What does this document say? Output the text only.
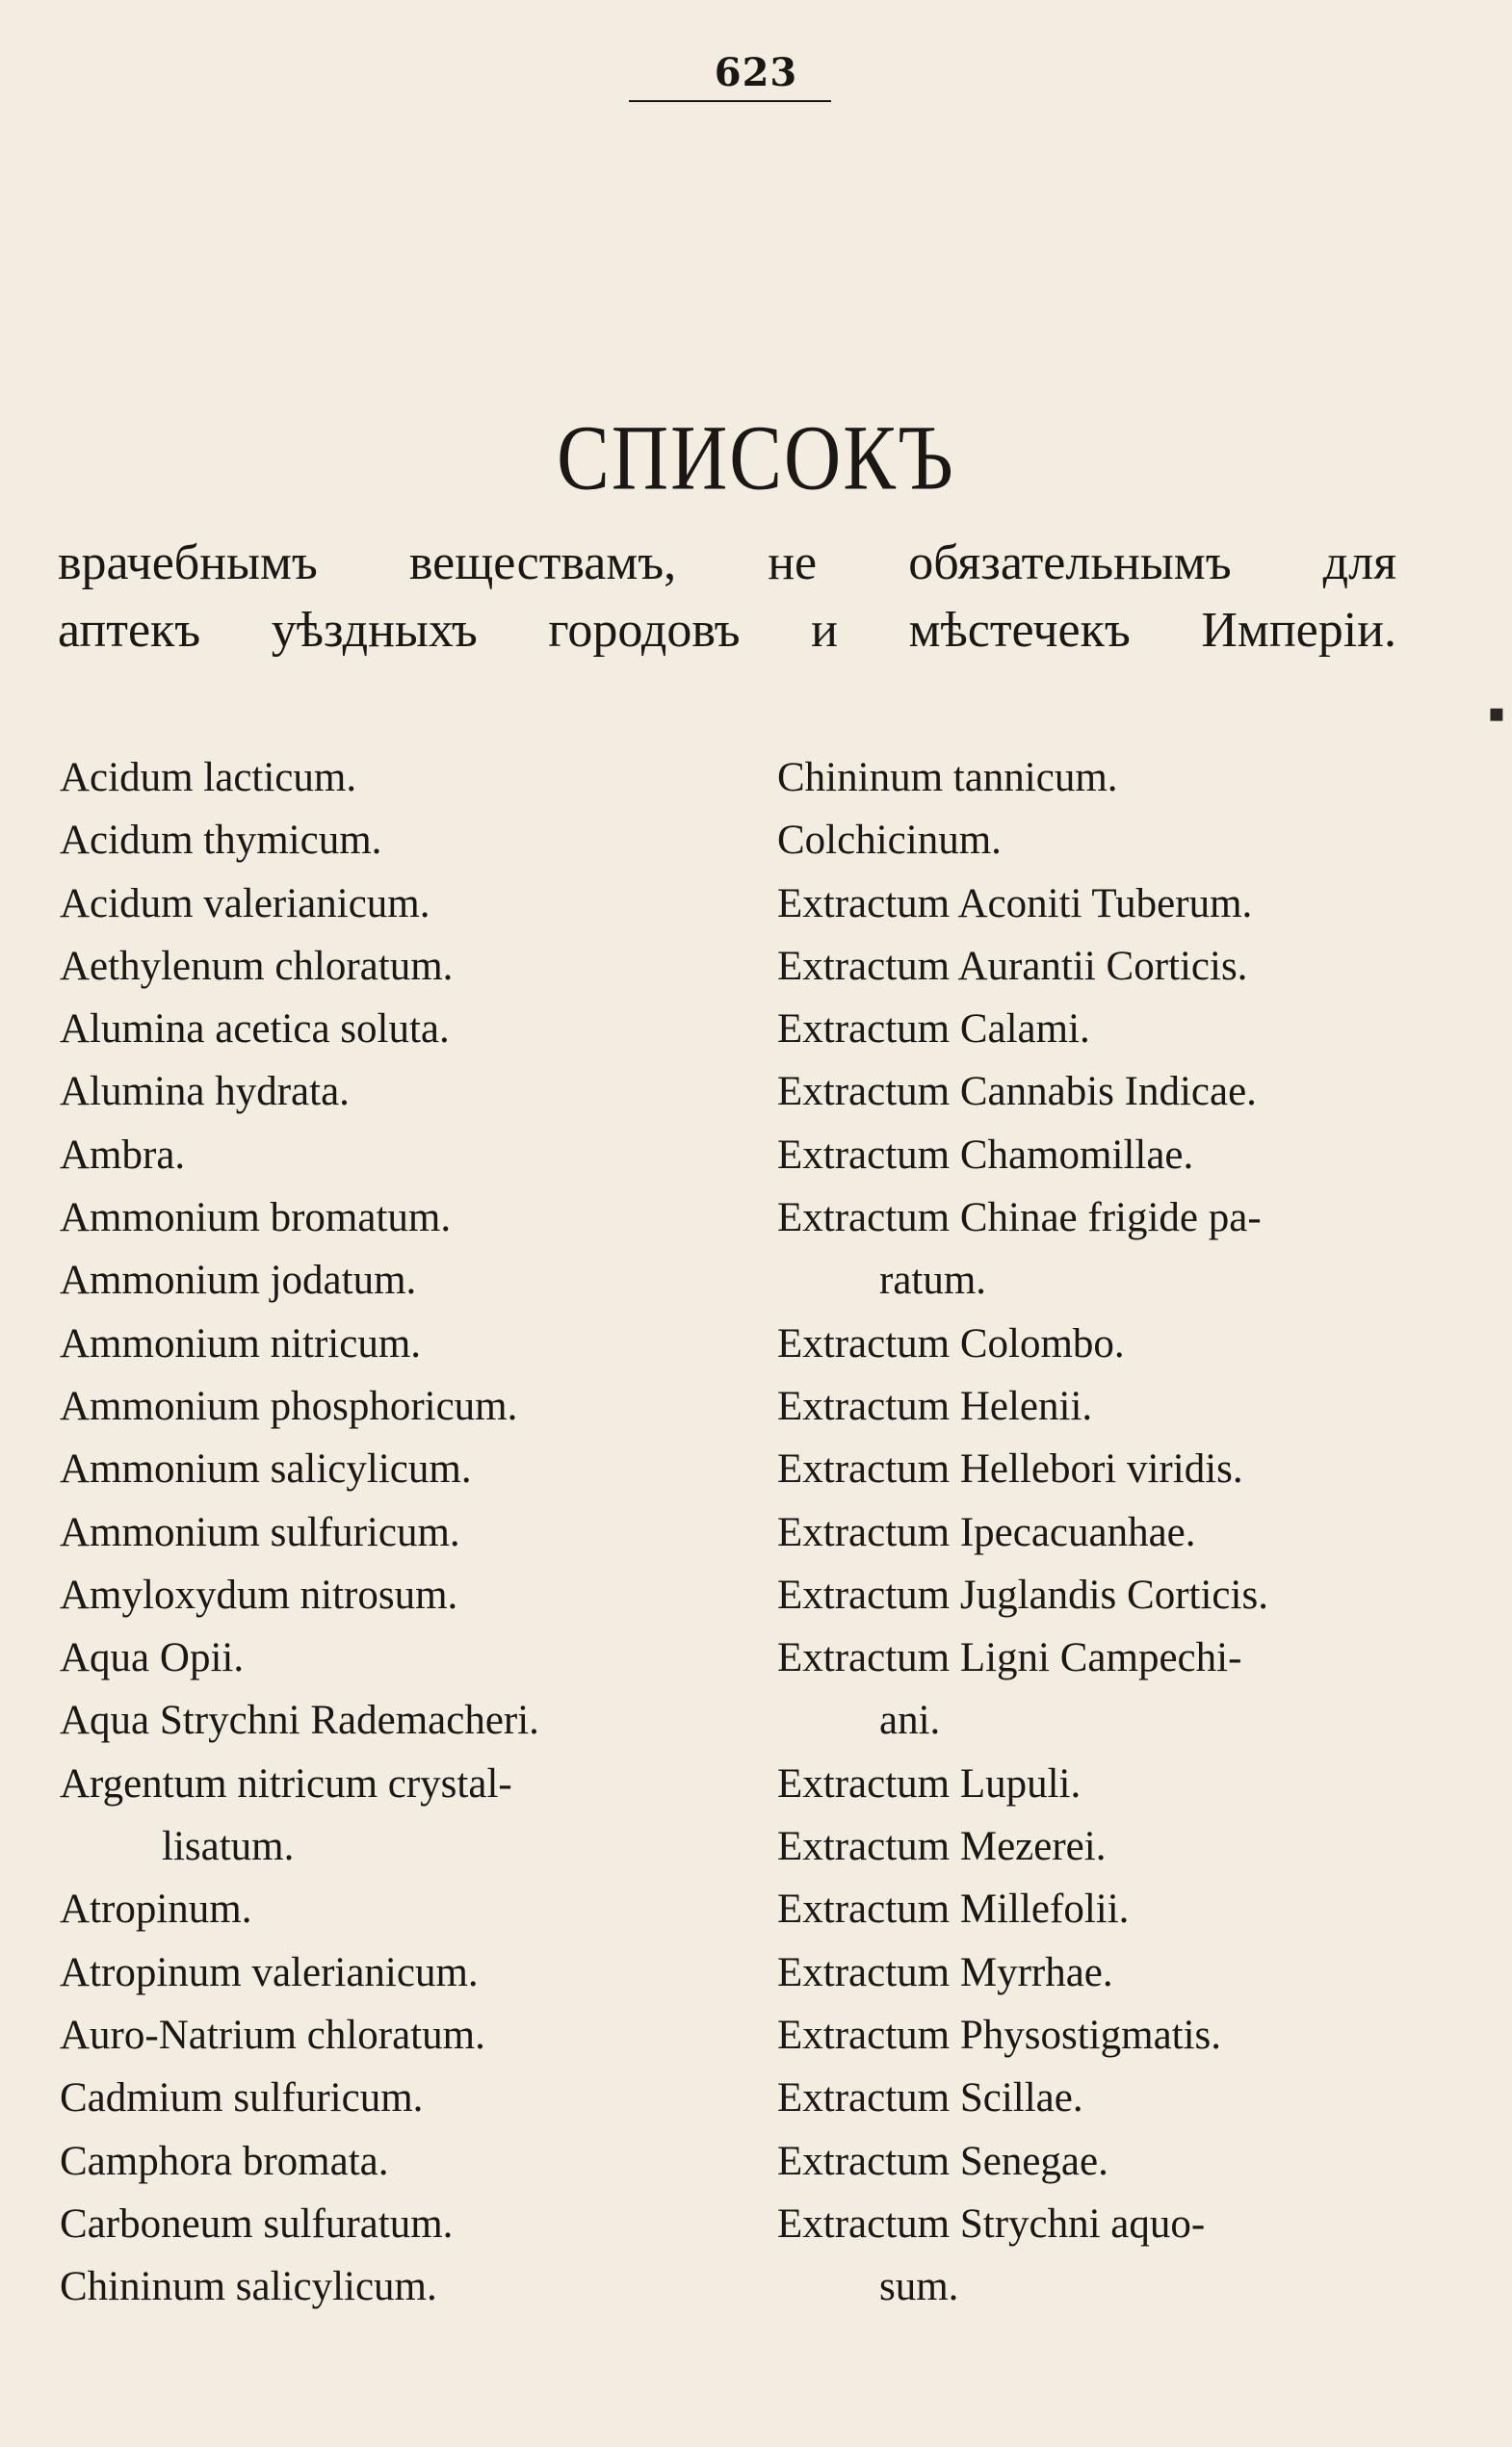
623
СПИСОКЪ
врачебнымъ веществамъ, не обязательнымъ для
аптекъ уѣздныхъ городовъ и мѣстечекъ Имперіи.
Acidum lacticum.
Acidum thymicum.
Acidum valerianicum.
Aethylenum chloratum.
Alumina acetica soluta.
Alumina hydrata.
Ambra.
Ammonium bromatum.
Ammonium jodatum.
Ammonium nitricum.
Ammonium phosphoricum.
Ammonium salicylicum.
Ammonium sulfuricum.
Amyloxydum nitrosum.
Aqua Opii.
Aqua Strychni Rademacheri.
Argentum nitricum crystal-
lisatum.
Atropinum.
Atropinum valerianicum.
Auro-Natrium chloratum.
Cadmium sulfuricum.
Camphora bromata.
Carboneum sulfuratum.
Chininum salicylicum.
Chininum tannicum.
Colchicinum.
Extractum Aconiti Tuberum.
Extractum Aurantii Corticis.
Extractum Calami.
Extractum Cannabis Indicae.
Extractum Chamomillae.
Extractum Chinae frigide pa-
ratum.
Extractum Colombo.
Extractum Helenii.
Extractum Hellebori viridis.
Extractum Ipecacuanhae.
Extractum Juglandis Corticis.
Extractum Ligni Campechi-
ani.
Extractum Lupuli.
Extractum Mezerei.
Extractum Millefolii.
Extractum Myrrhae.
Extractum Physostigmatis.
Extractum Scillae.
Extractum Senegae.
Extractum Strychni aquo-
sum.
▪
